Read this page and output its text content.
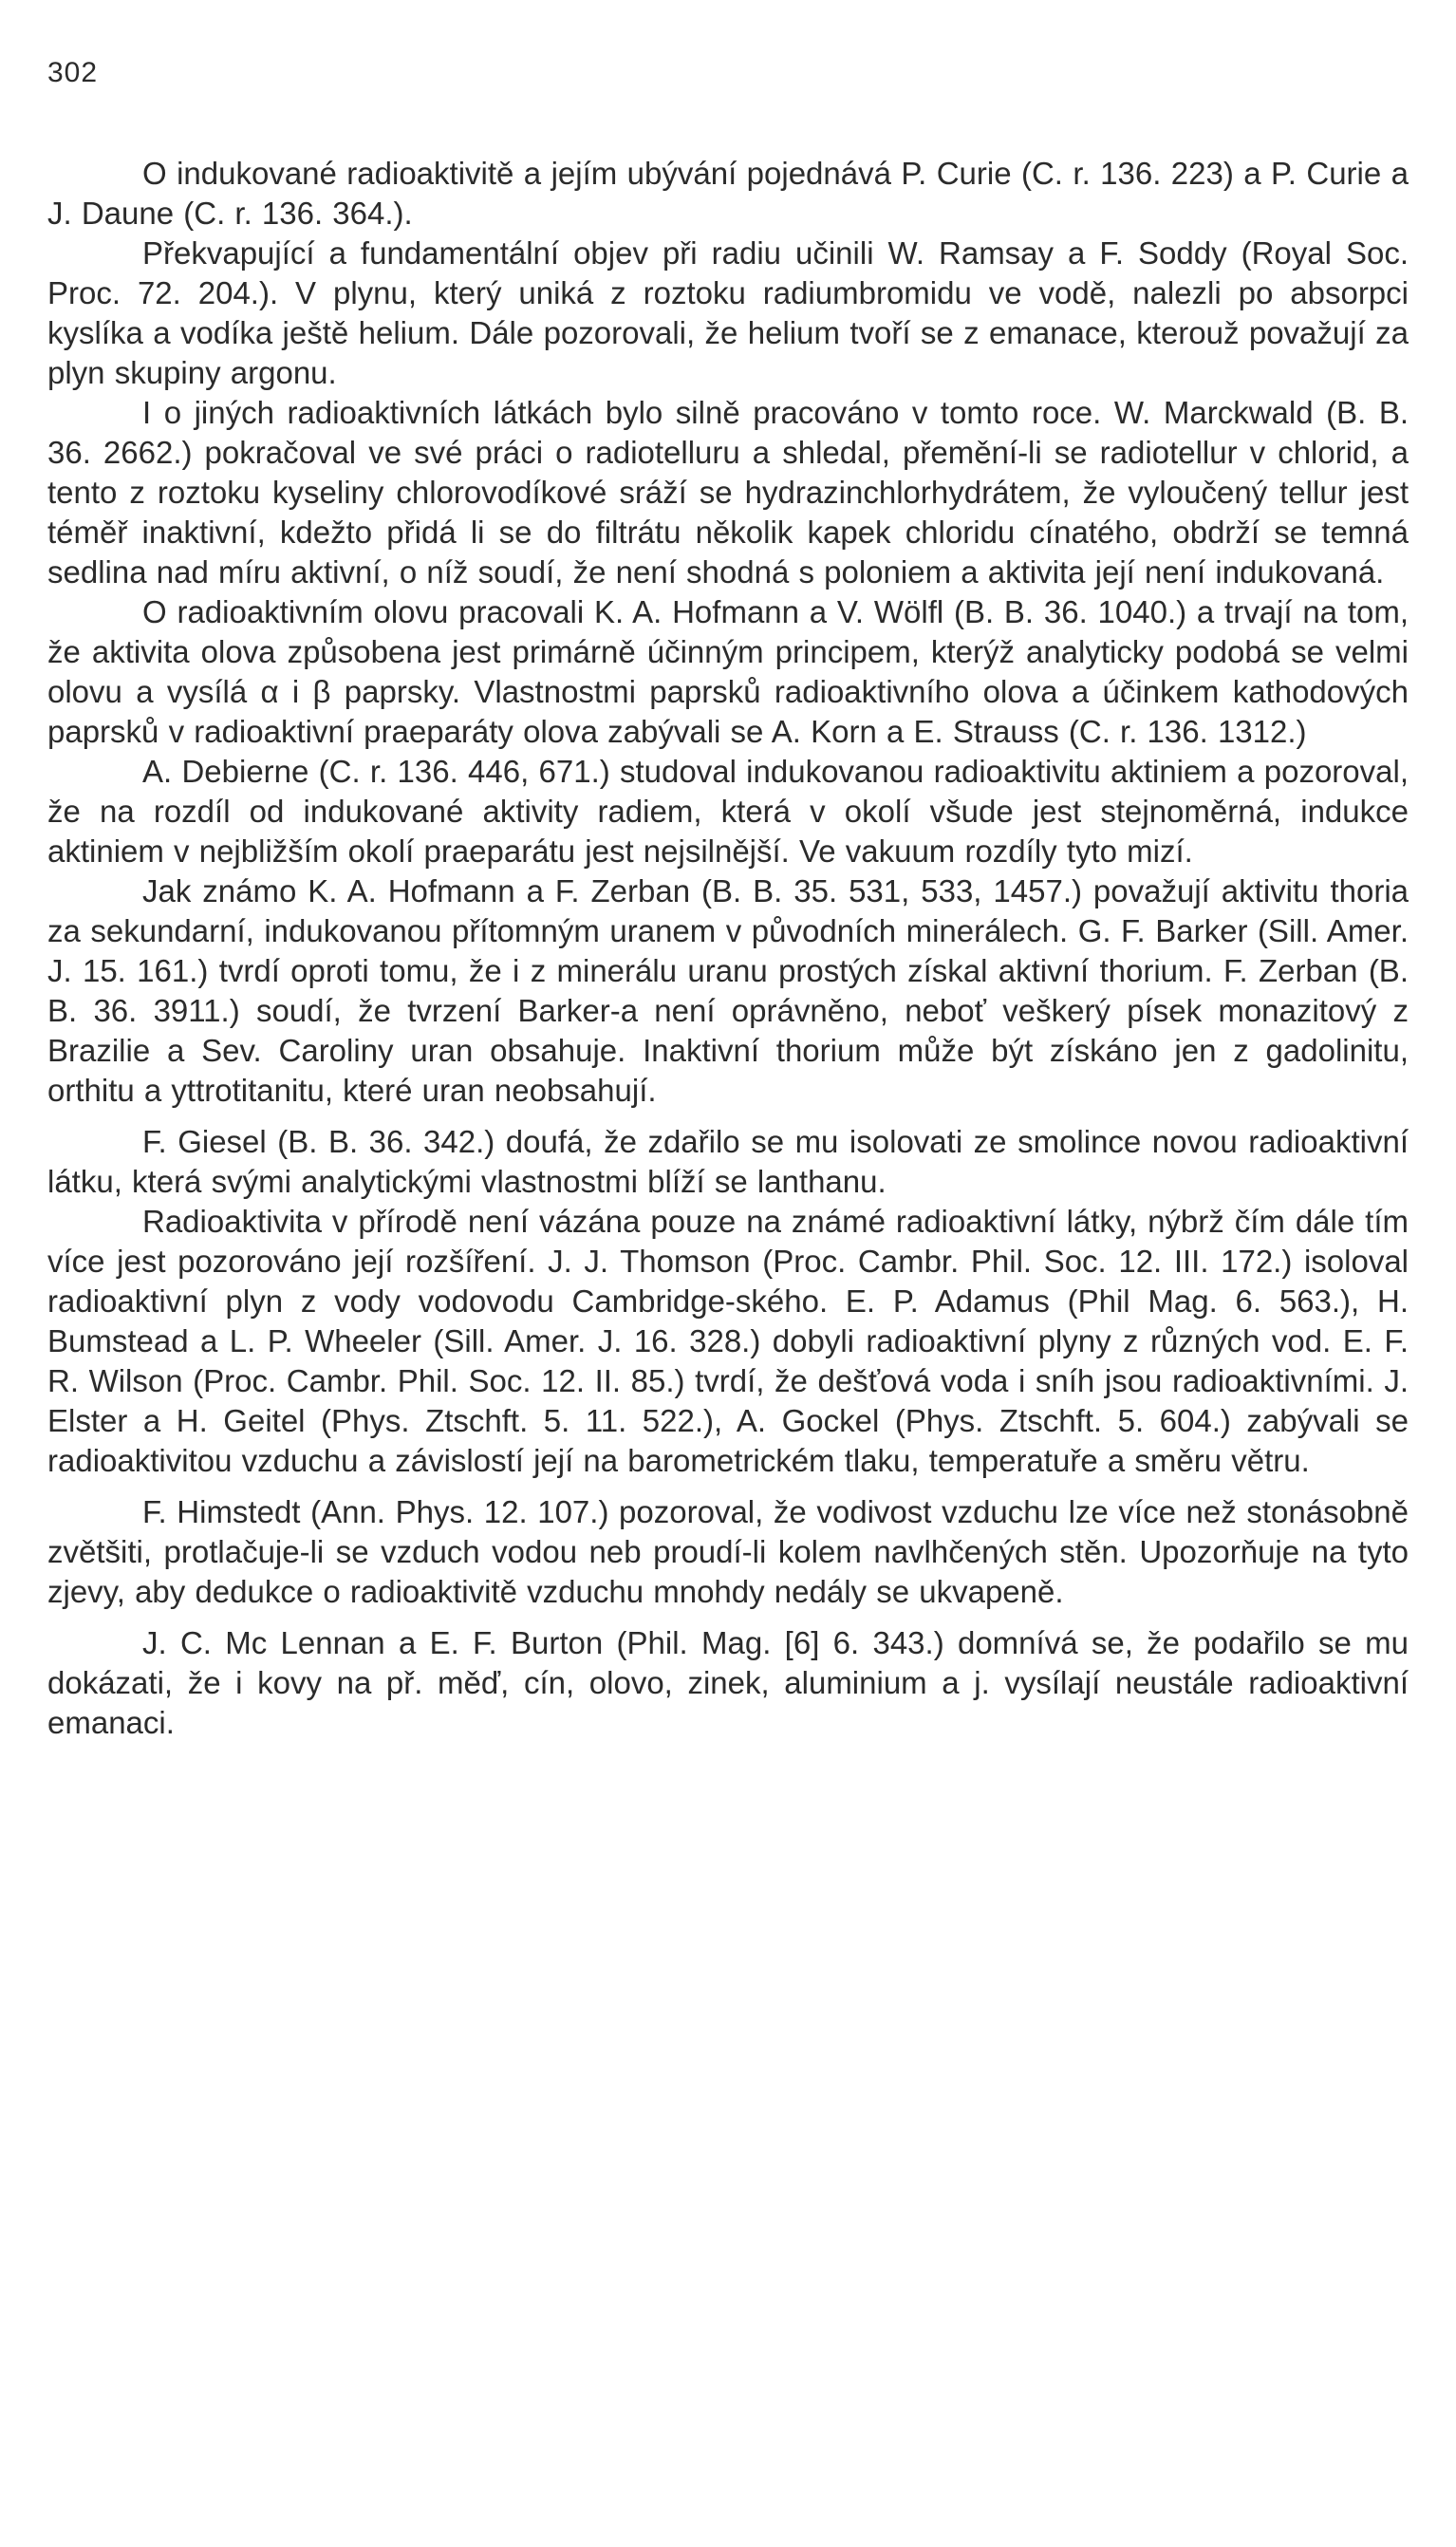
302

O indukované radioaktivitě a jejím ubývání pojednává P. Curie (C. r. 136. 223) a P. Curie a J. Daune (C. r. 136. 364.).

Překvapující a fundamentální objev při radiu učinili W. Ramsay a F. Soddy (Royal Soc. Proc. 72. 204.). V plynu, který uniká z roztoku radiumbromidu ve vodě, nalezli po absorpci kyslíka a vodíka ještě helium. Dále pozorovali, že helium tvoří se z emanace, kterouž považují za plyn skupiny argonu.

I o jiných radioaktivních látkách bylo silně pracováno v tomto roce. W. Marckwald (B. B. 36. 2662.) pokračoval ve své práci o radiotelluru a shledal, přemění-li se radiotellur v chlorid, a tento z roztoku kyseliny chlorovodíkové sráží se hydrazinchlorhydrátem, že vyloučený tellur jest téměř inaktivní, kdežto přidá li se do filtrátu několik kapek chloridu cínatého, obdrží se temná sedlina nad míru aktivní, o níž soudí, že není shodná s poloniem a aktivita její není indukovaná.

O radioaktivním olovu pracovali K. A. Hofmann a V. Wölfl (B. B. 36. 1040.) a trvají na tom, že aktivita olova způsobena jest primárně účinným principem, kterýž analyticky podobá se velmi olovu a vysílá α i β paprsky. Vlastnostmi paprsků radioaktivního olova a účinkem kathodových paprsků v radioaktivní praeparáty olova zabývali se A. Korn a E. Strauss (C. r. 136. 1312.)

A. Debierne (C. r. 136. 446, 671.) studoval indukovanou radioaktivitu aktiniem a pozoroval, že na rozdíl od indukované aktivity radiem, která v okolí všude jest stejnoměrná, indukce aktiniem v nejbližším okolí praeparátu jest nejsilnější. Ve vakuum rozdíly tyto mizí.

Jak známo K. A. Hofmann a F. Zerban (B. B. 35. 531, 533, 1457.) považují aktivitu thoria za sekundarní, indukovanou přítomným uranem v původních minerálech. G. F. Barker (Sill. Amer. J. 15. 161.) tvrdí oproti tomu, že i z minerálu uranu prostých získal aktivní thorium. F. Zerban (B. B. 36. 3911.) soudí, že tvrzení Barker-a není oprávněno, neboť veškerý písek monazitový z Brazilie a Sev. Caroliny uran obsahuje. Inaktivní thorium může být získáno jen z gadolinitu, orthitu a yttrotitanitu, které uran neobsahují.

F. Giesel (B. B. 36. 342.) doufá, že zdařilo se mu isolovati ze smolince novou radioaktivní látku, která svými analytickými vlastnostmi blíží se lanthanu.

Radioaktivita v přírodě není vázána pouze na známé radioaktivní látky, nýbrž čím dále tím více jest pozorováno její rozšíření. J. J. Thomson (Proc. Cambr. Phil. Soc. 12. III. 172.) isoloval radioaktivní plyn z vody vodovodu Cambridge-ského. E. P. Adamus (Phil Mag. 6. 563.), H. Bumstead a L. P. Wheeler (Sill. Amer. J. 16. 328.) dobyli radioaktivní plyny z různých vod. E. F. R. Wilson (Proc. Cambr. Phil. Soc. 12. II. 85.) tvrdí, že dešťová voda i sníh jsou radioaktivními. J. Elster a H. Geitel (Phys. Ztschft. 5. 11. 522.), A. Gockel (Phys. Ztschft. 5. 604.) zabývali se radioaktivitou vzduchu a závislostí její na barometrickém tlaku, temperatuře a směru větru.

F. Himstedt (Ann. Phys. 12. 107.) pozoroval, že vodivost vzduchu lze více než stonásobně zvětšiti, protlačuje-li se vzduch vodou neb proudí-li kolem navlhčených stěn. Upozorňuje na tyto zjevy, aby dedukce o radioaktivitě vzduchu mnohdy nedály se ukvapeně.

J. C. Mc Lennan a E. F. Burton (Phil. Mag. [6] 6. 343.) domnívá se, že podařilo se mu dokázati, že i kovy na př. měď, cín, olovo, zinek, aluminium a j. vysílají neustále radioaktivní emanaci.
